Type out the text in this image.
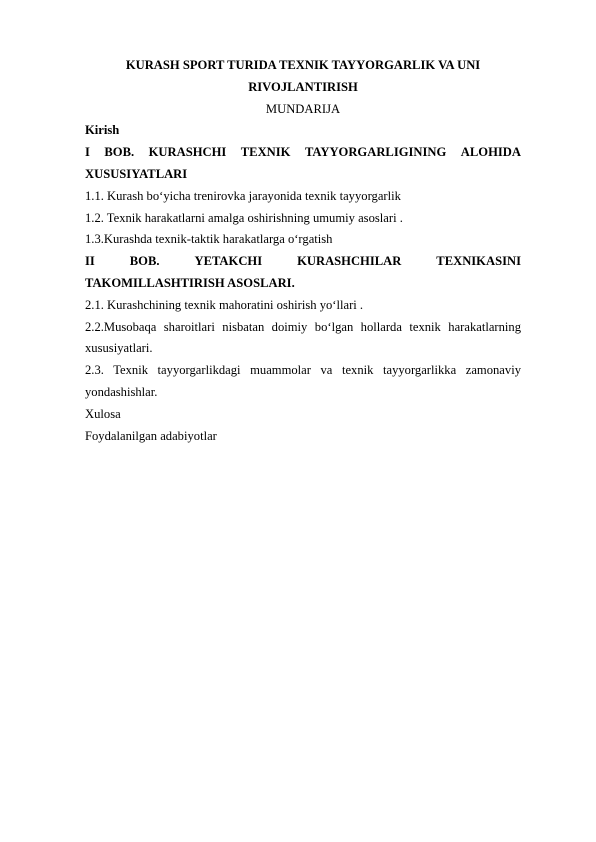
KURASH SPORT TURIDA TEXNIK TAYYORGARLIK VA UNI
RIVOJLANTIRISH
MUNDARIJA
Kirish
I BOB. KURASHCHI TEXNIK TAYYORGARLIGINING ALOHIDA
XUSUSIYATLARI
1.1. Kurash bo‘yicha trenirovka jarayonida texnik tayyorgarlik
1.2. Texnik harakatlarni amalga oshirishning umumiy asoslari .
1.3.Kurashda texnik-taktik harakatlarga o‘rgatish
II	BOB.	YETAKCHI	KURASHCHILAR	TEXNIKASINI
TAKOMILLASHTIRISH ASOSLARI.
2.1. Kurashchining texnik mahoratini oshirish yo‘llari .
2.2.Musobaqa sharoitlari nisbatan doimiy bo‘lgan hollarda texnik harakatlarning
xususiyatlari.
2.3. Texnik tayyorgarlikdagi muammolar va texnik tayyorgarlikka zamonaviy
yondashishlar.
Xulosa
Foydalanilgan adabiyotlar
